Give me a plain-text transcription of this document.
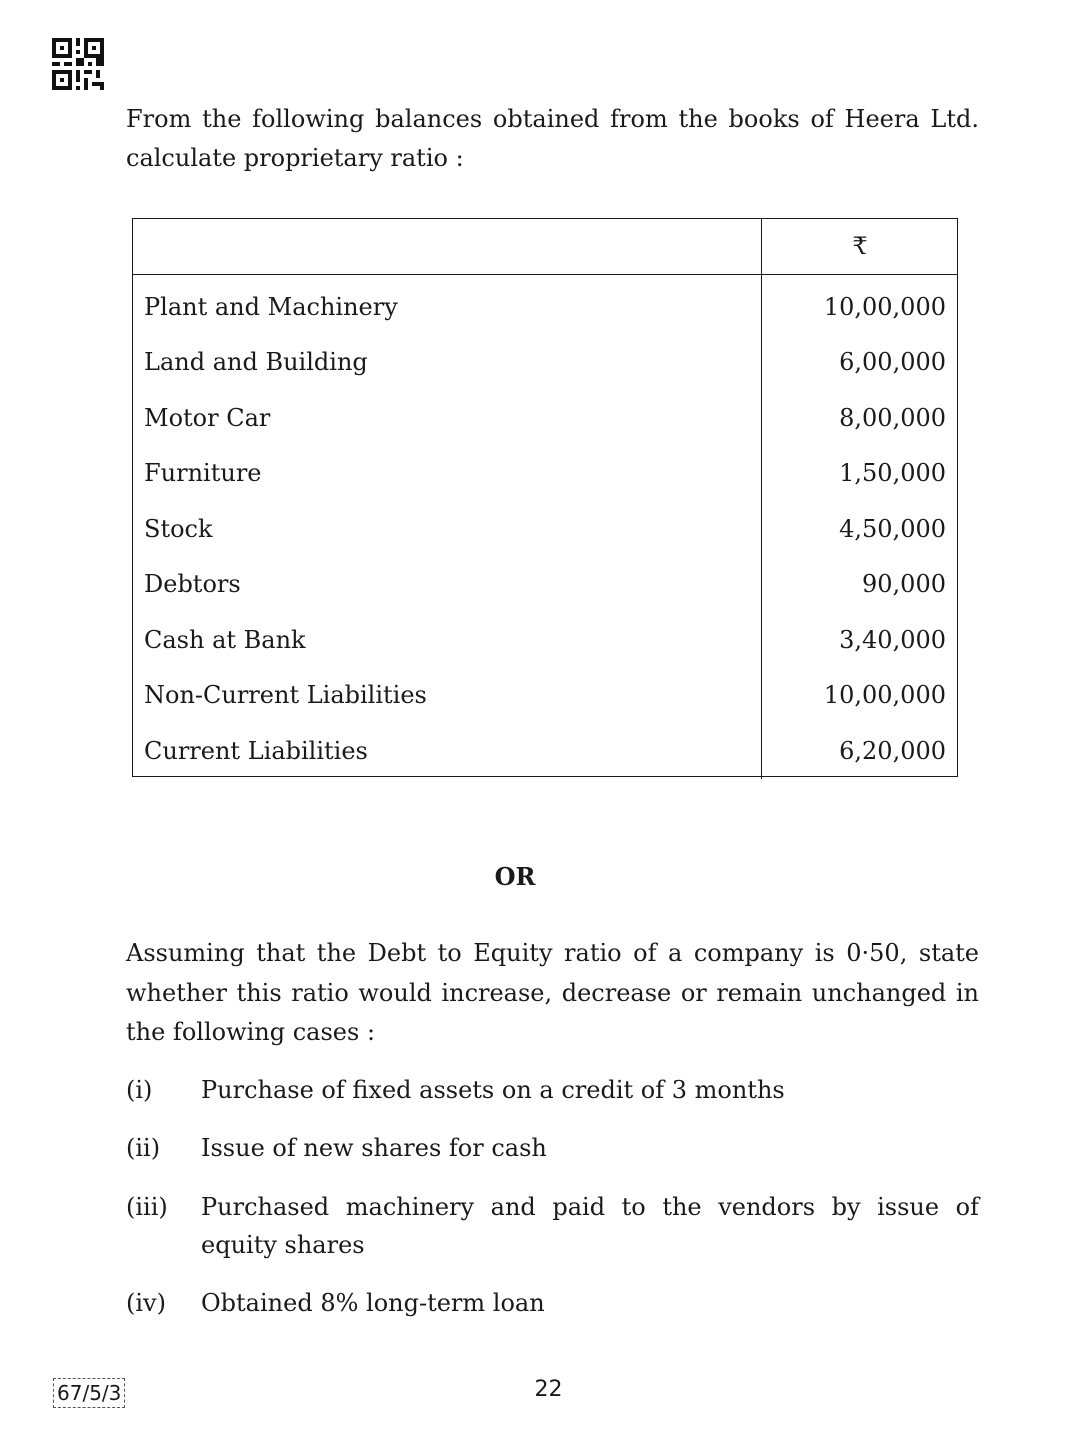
From the following balances obtained from the books of Heera Ltd. calculate proprietary ratio :

	₹
Plant and Machinery	10,00,000
Land and Building	6,00,000
Motor Car	8,00,000
Furniture	1,50,000
Stock	4,50,000
Debtors	90,000
Cash at Bank	3,40,000
Non-Current Liabilities	10,00,000
Current Liabilities	6,20,000
OR

Assuming that the Debt to Equity ratio of a company is 0·50, state whether this ratio would increase, decrease or remain unchanged in the following cases :

(i) Purchase of fixed assets on a credit of 3 months
(ii) Issue of new shares for cash
(iii) Purchased machinery and paid to the vendors by issue of equity shares
(iv) Obtained 8% long-term loan
67/5/3	22
